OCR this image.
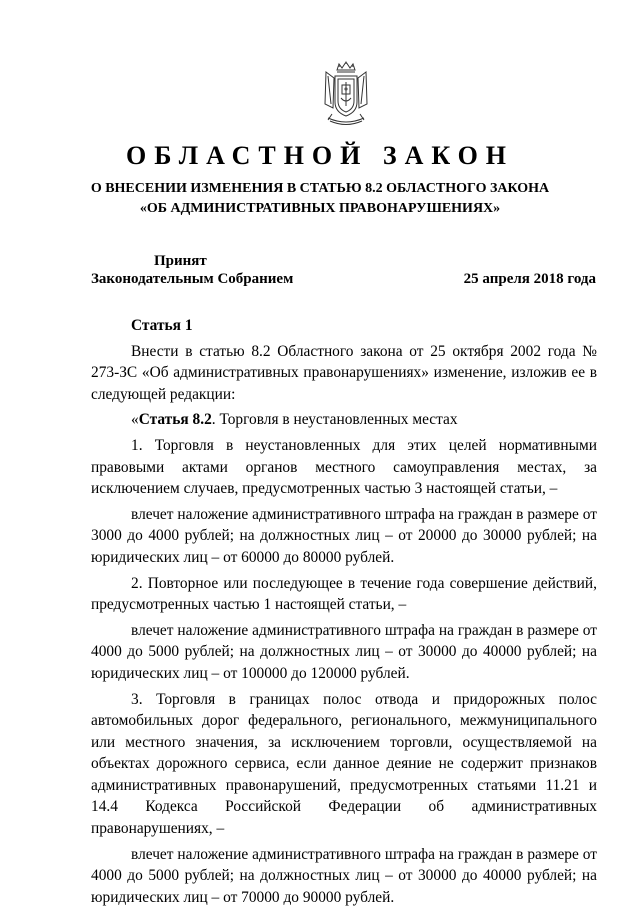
ОБЛАСТНОЙ ЗАКОН
О ВНЕСЕНИИ ИЗМЕНЕНИЯ В СТАТЬЮ 8.2 ОБЛАСТНОГО ЗАКОНА
«ОБ АДМИНИСТРАТИВНЫХ ПРАВОНАРУШЕНИЯХ»
Принят
Законодательным Собранием	25 апреля 2018 года

Статья 1

Внести в статью 8.2 Областного закона от 25 октября 2002 года № 273-ЗС «Об административных правонарушениях» изменение, изложив ее в следующей редакции:

«Статья 8.2. Торговля в неустановленных местах

1. Торговля в неустановленных для этих целей нормативными правовыми актами органов местного самоуправления местах, за исключением случаев, предусмотренных частью 3 настоящей статьи, –

влечет наложение административного штрафа на граждан в размере от 3000 до 4000 рублей; на должностных лиц – от 20000 до 30000 рублей; на юридических лиц – от 60000 до 80000 рублей.

2. Повторное или последующее в течение года совершение действий, предусмотренных частью 1 настоящей статьи, –

влечет наложение административного штрафа на граждан в размере от 4000 до 5000 рублей; на должностных лиц – от 30000 до 40000 рублей; на юридических лиц – от 100000 до 120000 рублей.

3. Торговля в границах полос отвода и придорожных полос автомобильных дорог федерального, регионального, межмуниципального или местного значения, за исключением торговли, осуществляемой на объектах дорожного сервиса, если данное деяние не содержит признаков административных правонарушений, предусмотренных статьями 11.21 и 14.4 Кодекса Российской Федерации об административных правонарушениях, –

влечет наложение административного штрафа на граждан в размере от 4000 до 5000 рублей; на должностных лиц – от 30000 до 40000 рублей; на юридических лиц – от 70000 до 90000 рублей.
